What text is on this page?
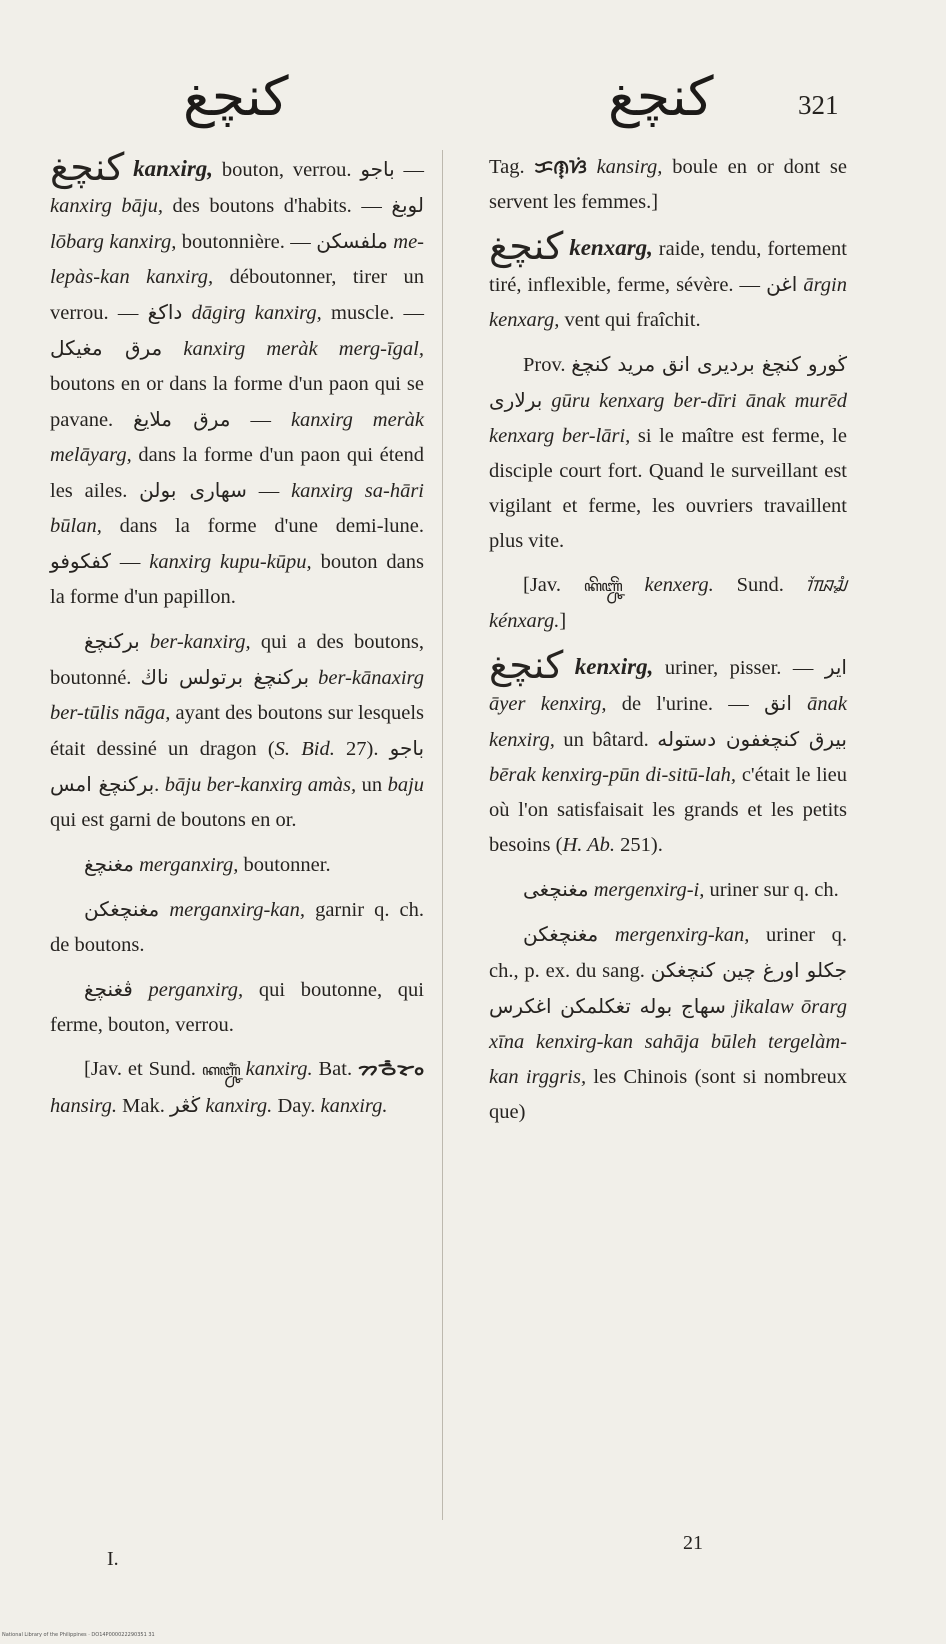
کنچغ	کنچغ	321

کنچغ kanxirg, bouton, verrou. باجو — kanxirg bāju, des boutons d'habits. — لوبغ lōbarg kanxirg, boutonnière. — ملفسکن me-lepàs-kan kanxirg, déboutonner, tirer un verrou. — داکغ dāgirg kanxirg, muscle. — مرق مغیکل kanxirg meràk merg-īgal, boutons en or dans la forme d'un paon qui se pavane. مرق ملایغ — kanxirg meràk melāyarg, dans la forme d'un paon qui étend les ailes. سهاری بولن — kanxirg sa-hāri būlan, dans la forme d'une demi-lune. کفکوفو — kanxirg kupu-kūpu, bouton dans la forme d'un papillon.

برکنچغ ber-kanxirg, qui a des boutons, boutonné. برکنچغ برتولس ناڬ ber-kānaxirg ber-tūlis nāga, ayant des boutons sur lesquels était dessiné un dragon (S. Bid. 27). باجو برکنچغ امس. bāju ber-kanxirg amàs, un baju qui est garni de boutons en or.

مغنچغ merganxirg, boutonner.

مغنچغکن merganxirg-kan, garnir q. ch. de boutons.

ڤغنچغ perganxirg, qui boutonne, qui ferme, bouton, verrou.

[Jav. et Sund. ꦏꦚ꧀ꦕꦶꦁ kanxirg. Bat. ᯂᯉ᯦ᯘᯪ hansirg. Mak. ڬڠر kanxirg. Day. kanxirg.

Tag. ᜃᜈ᜔ᜐᜒ kansirg, boule en or dont se servent les femmes.]

کنچغ kenxarg, raide, tendu, fortement tiré, inflexible, ferme, sévère. — اغن ārgin kenxarg, vent qui fraîchit.

Prov. ڬورو کنچغ بردیری انق مرید کنچغ برلاری gūru kenxarg ber-dīri ānak murēd kenxarg ber-lāri, si le maître est ferme, le disciple court fort. Quand le surveillant est vigilant et ferme, les ouvriers travaillent plus vite.

[Jav. ꦏꦼꦚ꧀ꦕꦼꦁ kenxerg. Sund. ᮊᮨᮑ᮪ᮎᮀ kénxarg.]

کنچغ kenxirg, uriner, pisser. — ایر āyer kenxirg, de l'urine. — انق ānak kenxirg, un bâtard. بیرق کنچغفون دستوله bērak kenxirg-pūn di-sitū-lah, c'était le lieu où l'on satisfaisait les grands et les petits besoins (H. Ab. 251).

مغنچغی mergenxirg-i, uriner sur q. ch.

مغنچغکن mergenxirg-kan, uriner q. ch., p. ex. du sang. جکلو اورغ چین کنچغکن سهاج بوله تغکلمکن اغکرس jikalaw ōrarg xīna kenxirg-kan sahāja būleh tergelàm-kan irggris, les Chinois (sont si nombreux que)

I.
21
National Library of the Philippines · DO14P000022290351 31
